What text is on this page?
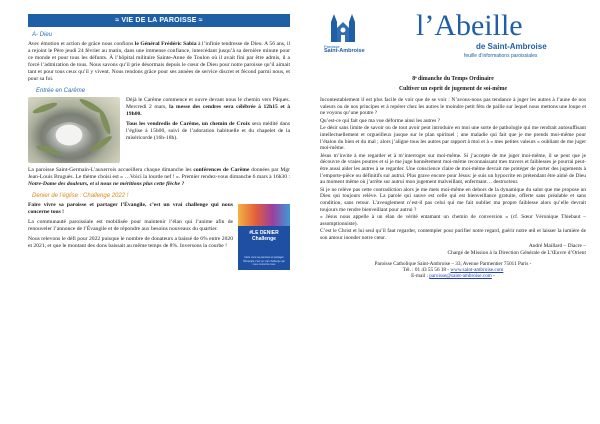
≈ VIE DE LA PAROISSE ≈
A- Dieu

Avec émotion et action de grâce nous confions le Général Frédéric Sabia à l’infinie tendresse de Dieu. A 56 ans, il a rejoint le Père jeudi 24 février au matin, dans une immense confiance, intercédant jusqu’à sa dernière minute pour ce monde et pour tous les défunts. À l’hôpital militaire Sainte-Anne de Toulon où il avait fini par être admis, il a forcé l’admiration de tous. Nous savons qu’il prie désormais depuis le cœur de Dieu pour notre paroisse qu’il aimait tant et pour tous ceux qu’il y vivent. Nous rendons grâce pour ses années de service discret et fécond parmi nous, et pour sa foi.

Entrée en Carême

Déjà le Carême commence et ouvre devant nous le chemin vers Pâques. Mercredi 2 mars, la messe des cendres sera célébrée à 12h15 et à 19h00.

Tous les vendredis de Carême, un chemin de Croix sera médité dans l’église à 15h00, suivi de l’adoration habituelle et du chapelet de la miséricorde (16h-18h).

La paroisse Saint-Germain-L’auxerrois accueillera chaque dimanche les conférences de Carême données par Mgr Jean-Louis Bruguès. Le thème choisi est « …Voici la lourde nef ! ». Premier rendez-vous dimanche 6 mars à 16h30 : Notre-Dame des douleurs, et si nous ne méritions plus cette flèche ?

Denier de l’église : Challenge 2022 !
#LE DENIER Challenge
Faire vivre sa paroisse et partager l’Évangile c’est un vrai challenge qui nous concerne tous

Faire vivre sa paroisse et partager l’Évangile, c’est un vrai challenge qui nous concerne tous !

La communauté paroissiale est mobilisée pour maintenir l’élan qui l’anime afin de renouveler l’annonce de l’Évangile et de répondre aux besoins nouveaux du quartier.

Nous relevons le défi pour 2022 puisque le nombre de donateurs a baissé de 6% entre 2020 et 2021, et que le montant des dons baissait au même temps de 8%. Inversons la courbe !

Paroisse
Saint-Ambroise
l’Abeille
de Saint-Ambroise
feuille d’informations paroissiales
8ᵉ dimanche du Temps Ordinaire
Cultiver un esprit de jugement de soi-même

Incontestablement il est plus facile de voir que de se voir : N’avons-nous pas tendance à juger les autres à l’aune de nos valeurs ou de nos principes et à repérer chez les autres le moindre petit fétu de paille sur lequel nous mettons une loupe et ne voyons qu’une poutre ?

Qu’est-ce qui fait que ma vue déforme ainsi les autres ?

Le désir sans limite de savoir ou de tout avoir peut introduire en moi une sorte de pathologie qui me rendrait autosuffisant intellectuellement et orgueilleux jusque sur le plan spirituel ; une maladie qui fait que je me prends moi-même pour l’étalon du bien et du mal ; alors j’aligne tous les autres par rapport à moi et à « mes petites valeurs » oubliant de me juger moi-même.

Jésus m’invite à me regarder et à m’interroger sur moi-même. Si j’accepte de me juger moi-même, il se peut que je découvre de vraies poutres et si je me juge honnêtement moi-même reconnaissant mes travers et faiblesses je pourrai peut-être aussi aider les autres à se regarder. Une conscience claire de moi-même devrait me protéger de porter des jugements à l’emporte-pièce ou définitifs sur autrui. Plus grave encore pour Jésus: je suis un hypocrite en prétendant être aimé de Dieu au moment même où j’arrête sur autrui mon jugement malveillant, enfermant… destructeur.

Si je ne relève pas cette contradiction alors je me mets moi-même en dehors de la dynamique du salut que me propose un Dieu qui toujours relève. La parole qui sauve est celle qui est bienveillance gratuite, offerte sans préalable et sans condition, sans retour. L’aveuglement n’est-il pas celui qui me fait oublier ma propre faiblesse alors qu’elle devrait toujours me rendre bienveillant pour autrui ?

« Jésus nous appelle à un élan de vérité entamant un chemin de conversion » (cf. Sœur Véronique Thiebaut – assomptionniste).

C’est le Christ et lui seul qu’il faut regarder, contempler pour purifier notre regard, guérir notre œil et laisser la lumière de son amour inonder notre cœur.

André Maillard – Diacre –
Chargé de Mission à la Direction Générale de L’Œuvre d’Orient
Paroisse Catholique Saint-Ambroise – 33, Avenue Parmentier 75011 Paris -
Tél. : 01 43 55 56 18 - www.saint-ambroise.com
E-mail : paroisse@saint-ambroise.com -
